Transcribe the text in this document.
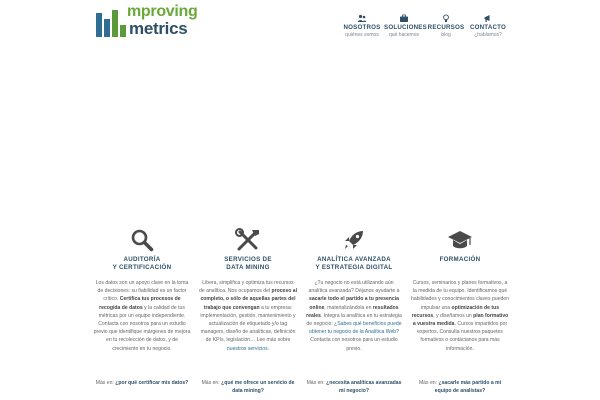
mproving
metrics	NOSOTROS
quiénes somos
SOLUCIONES
qué hacemos
RECURSOS
blog
CONTACTO
¿hablamos?
AUDITORÍA
Y CERTIFICACIÓN
Los datos son un apoyo clave en la toma de decisiones: su fiabilidad es un factor crítico. Certifica tus procesos de recogida de datos y la calidad de tus métricas por un equipo independiente. Contacta con nosotros para un estudio previo que identifique márgenes de mejora en tu recolección de datos, y de crecimiento en tu negocio.
Más en: ¿por qué certificar mis datos?
SERVICIOS DE
DATA MINING
Libera, simplifica y optimiza tus recursos de analítica. Nos ocupamos del proceso al completo, o sólo de aquellas partes del trabajo que convengan a tu empresa: implementación, gestión, mantenimiento y actualización de etiquetado y/o tag managers, diseño de analíticas, definición de KPIs, legislación… Lee más sobre nuestros servicios.
Más en: ¿qué me ofrece un servicio de data mining?
ANALÍTICA AVANZADA
Y ESTRATEGIA DIGITAL
¿Tu negocio no está utilizando aún analítica avanzada? Déjanos ayudarte a sacarle todo el partido a tu presencia online, materializándola en resultados reales. Integra la analítica en tu estrategia de negocio: ¿Sabes qué beneficios puede obtener tu negocio de la Analítica Web? Contacta con nosotros para un estudio previo.
Más en: ¿necesita analíticas avanzadas mi negocio?
FORMACIÓN
Cursos, seminarios y planes formativos, a la medida de tu equipo. Identificamos qué habilidades y conocimientos claves pueden impulsar una optimización de tus recursos, y diseñamos un plan formativo a vuestra medida. Cursos impartidos por expertos. Consulta nuestros paquetes formativos o contáctanos para más información.
Más en: ¿sacarle más partido a mi equipo de analistas?
